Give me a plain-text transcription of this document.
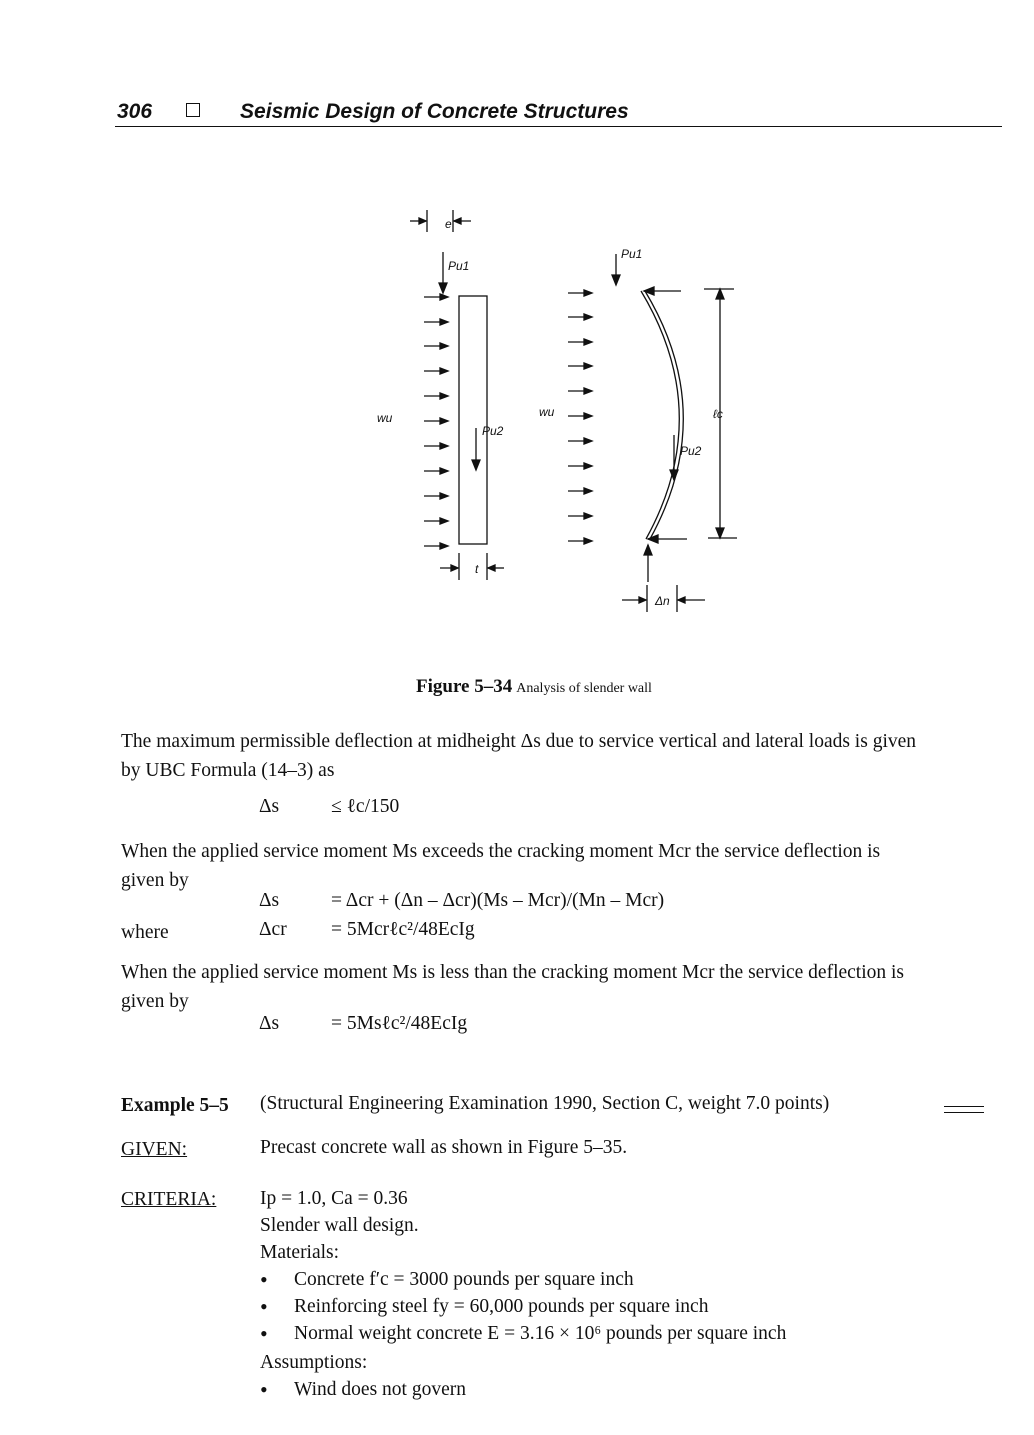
306	Seismic Design of Concrete Structures
e
Pu1
Pu2
wu
t
Pu1
Pu2
wu	ℓc
Δn
Figure 5–34 Analysis of slender wall
The maximum permissible deflection at midheight Δs due to service vertical and lateral loads is given
by UBC Formula (14–3) as
Δs	≤ ℓc/150
When the applied service moment Ms exceeds the cracking moment Mcr the service deflection is
given by
Δs	= Δcr + (Δn – Δcr)(Ms – Mcr)/(Mn – Mcr)
where	Δcr = 5Mcrℓc²/48EcIg
When the applied service moment Ms is less than the cracking moment Mcr the service deflection is
given by
Δs	= 5Msℓc²/48EcIg
Example 5–5 (Structural Engineering Examination 1990, Section C, weight 7.0 points)
GIVEN:	Precast concrete wall as shown in Figure 5–35.
CRITERIA: Ip = 1.0, Ca = 0.36
Slender wall design.
Materials:
• Concrete f′c = 3000 pounds per square inch
• Reinforcing steel fy = 60,000 pounds per square inch
• Normal weight concrete E = 3.16 × 10⁶ pounds per square inch
Assumptions:
• Wind does not govern
